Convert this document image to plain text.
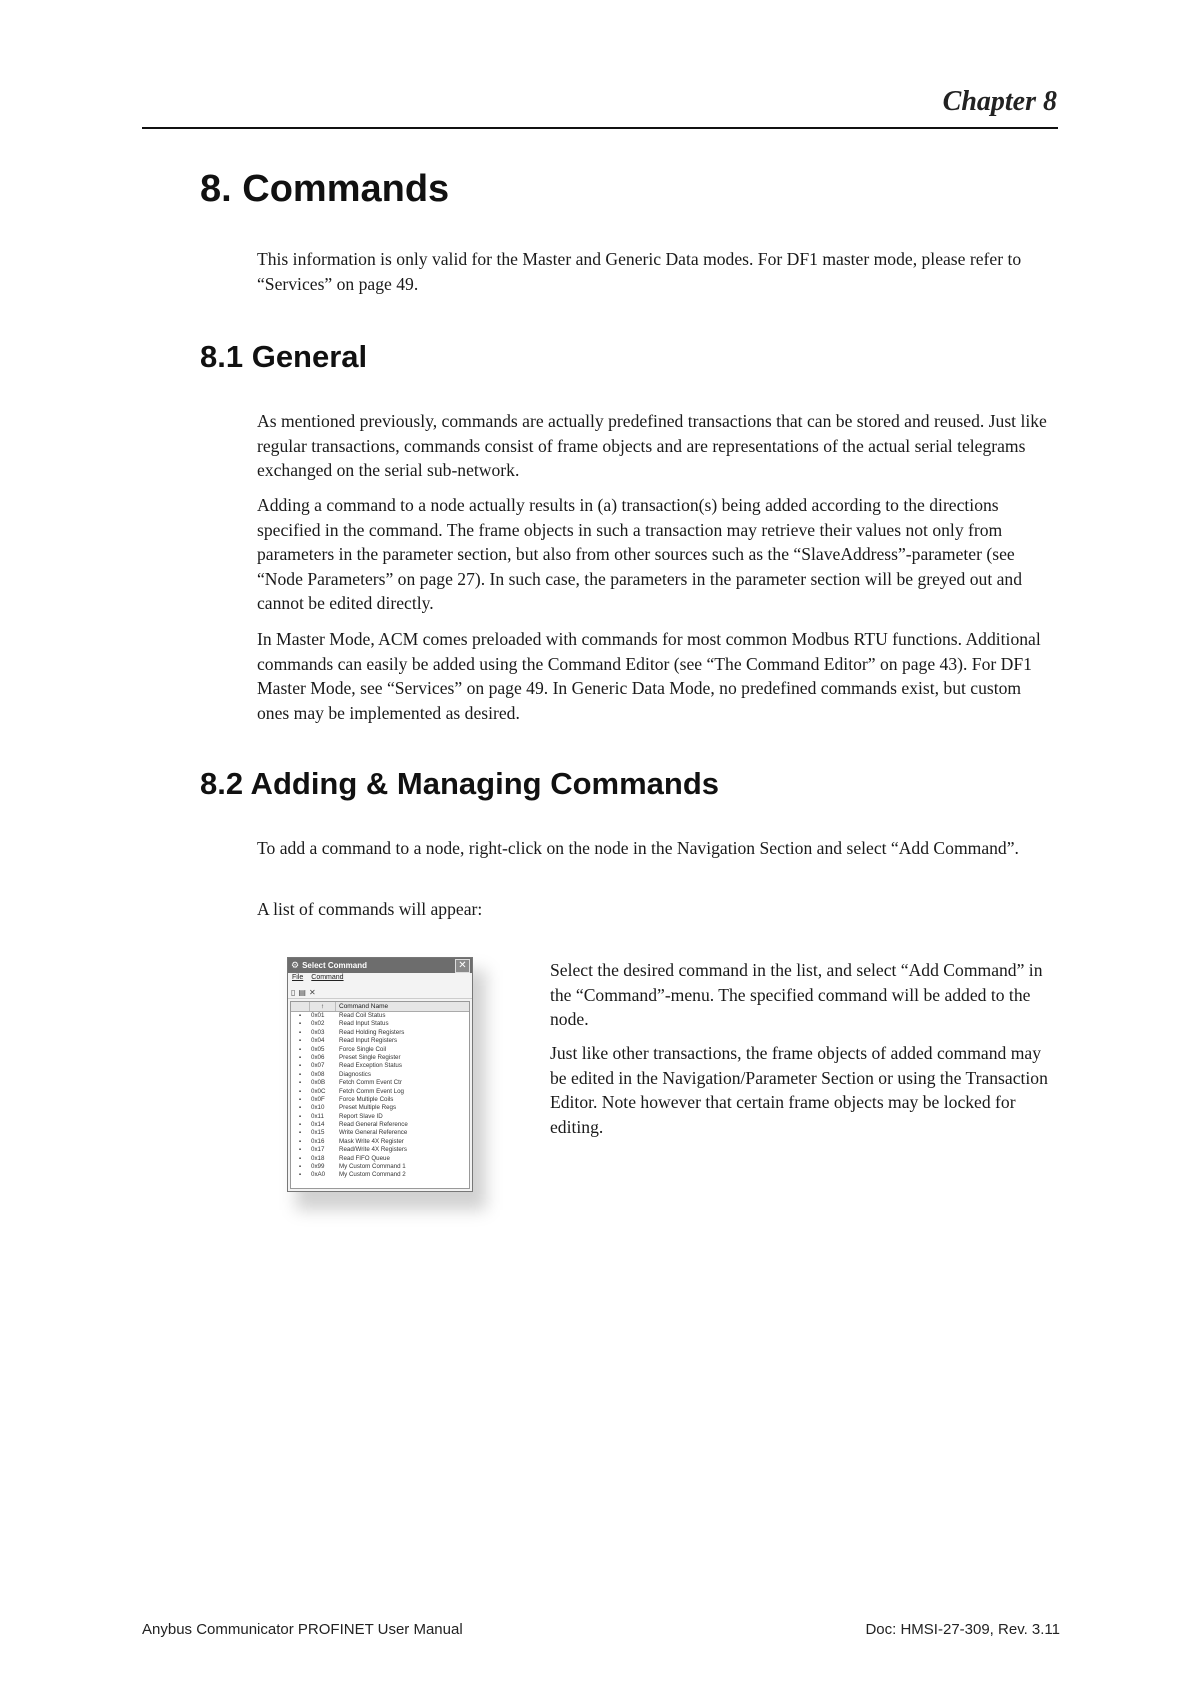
Chapter 8
8. Commands

This information is only valid for the Master and Generic Data modes. For DF1 master mode, please refer to “Services” on page 49.

8.1 General

As mentioned previously, commands are actually predefined transactions that can be stored and reused. Just like regular transactions, commands consist of frame objects and are representations of the actual serial telegrams exchanged on the serial sub-network.

Adding a command to a node actually results in (a) transaction(s) being added according to the directions specified in the command. The frame objects in such a transaction may retrieve their values not only from parameters in the parameter section, but also from other sources such as the “SlaveAddress”-parameter (see “Node Parameters” on page 27). In such case, the parameters in the parameter section will be greyed out and cannot be edited directly.

In Master Mode, ACM comes preloaded with commands for most common Modbus RTU functions. Additional commands can easily be added using the Command Editor (see “The Command Editor” on page 43). For DF1 Master Mode, see “Services” on page 49. In Generic Data Mode, no predefined commands exist, but custom ones may be implemented as desired.

8.2 Adding & Managing Commands

To add a command to a node, right-click on the node in the Navigation Section and select “Add Command”.

A list of commands will appear:

⚙ Select Command	✕
File Command
▯ ▤ ✕
↑	Command Name
▪	0x01	Read Coil Status
▪	0x02	Read Input Status
▪	0x03	Read Holding Registers
▪	0x04	Read Input Registers
▪	0x05	Force Single Coil
▪	0x06	Preset Single Register
▪	0x07	Read Exception Status
▪	0x08	Diagnostics
▪	0x0B	Fetch Comm Event Ctr
▪	0x0C	Fetch Comm Event Log
▪	0x0F	Force Multiple Coils
▪	0x10	Preset Multiple Regs
▪	0x11	Report Slave ID
▪	0x14	Read General Reference
▪	0x15	Write General Reference
▪	0x16	Mask Write 4X Register
▪	0x17	Read/Write 4X Registers
▪	0x18	Read FIFO Queue
▪	0x99	My Custom Command 1
▪	0xA0	My Custom Command 2

Select the desired command in the list, and select “Add Command” in the “Command”-menu. The specified command will be added to the node.

Just like other transactions, the frame objects of added command may be edited in the Navigation/Parameter Section or using the Transaction Editor. Note however that certain frame objects may be locked for editing.

Anybus Communicator PROFINET User Manual	Doc: HMSI-27-309, Rev. 3.11
